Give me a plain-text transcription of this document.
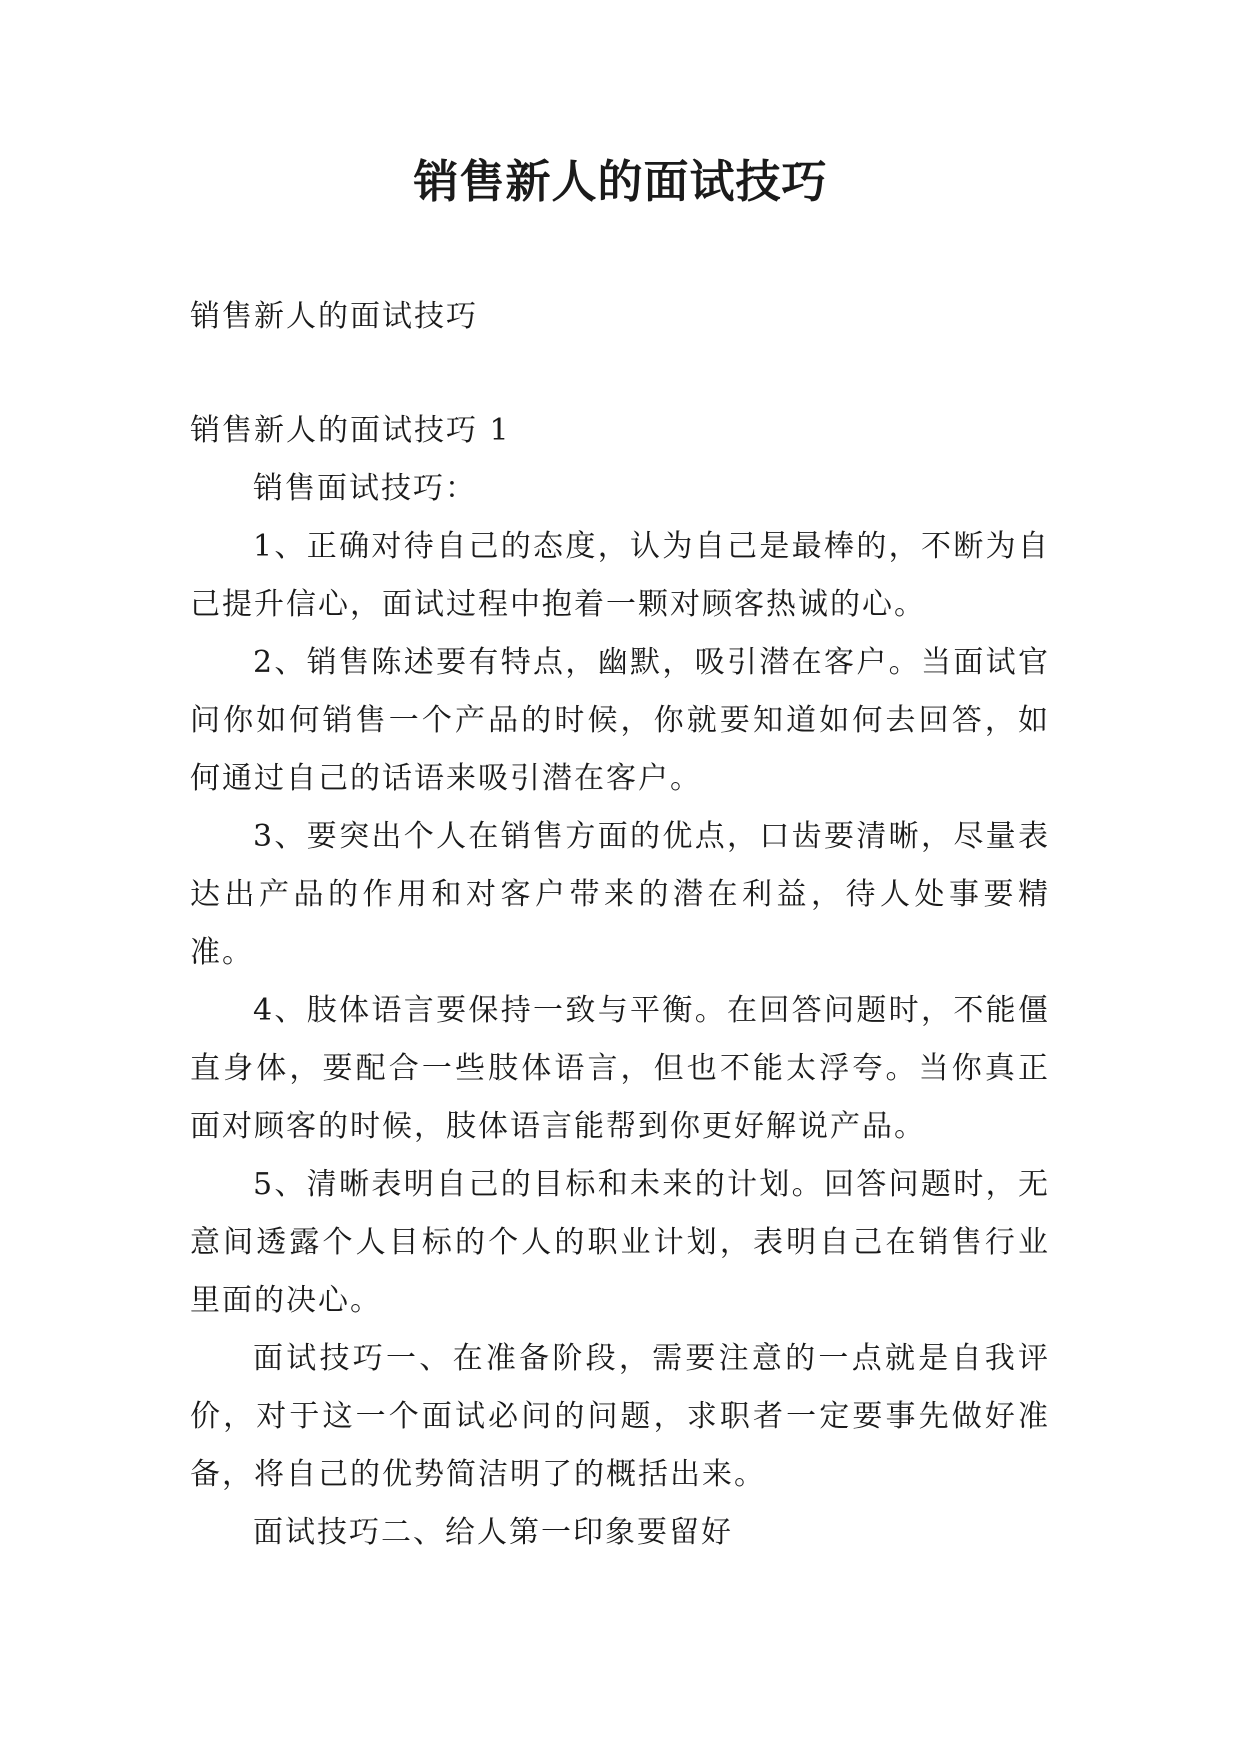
销售新人的面试技巧

销售新人的面试技巧

销售新人的面试技巧 1

销售面试技巧：

1、正确对待自己的态度，认为自己是最棒的，不断为自己提升信心，面试过程中抱着一颗对顾客热诚的心。

2、销售陈述要有特点，幽默，吸引潜在客户。当面试官问你如何销售一个产品的时候，你就要知道如何去回答，如何通过自己的话语来吸引潜在客户。

3、要突出个人在销售方面的优点，口齿要清晰，尽量表达出产品的作用和对客户带来的潜在利益，待人处事要精准。

4、肢体语言要保持一致与平衡。在回答问题时，不能僵直身体，要配合一些肢体语言，但也不能太浮夸。当你真正面对顾客的时候，肢体语言能帮到你更好解说产品。

5、清晰表明自己的目标和未来的计划。回答问题时，无意间透露个人目标的个人的职业计划，表明自己在销售行业里面的决心。

面试技巧一、在准备阶段，需要注意的一点就是自我评价，对于这一个面试必问的问题，求职者一定要事先做好准备，将自己的优势简洁明了的概括出来。

面试技巧二、给人第一印象要留好
